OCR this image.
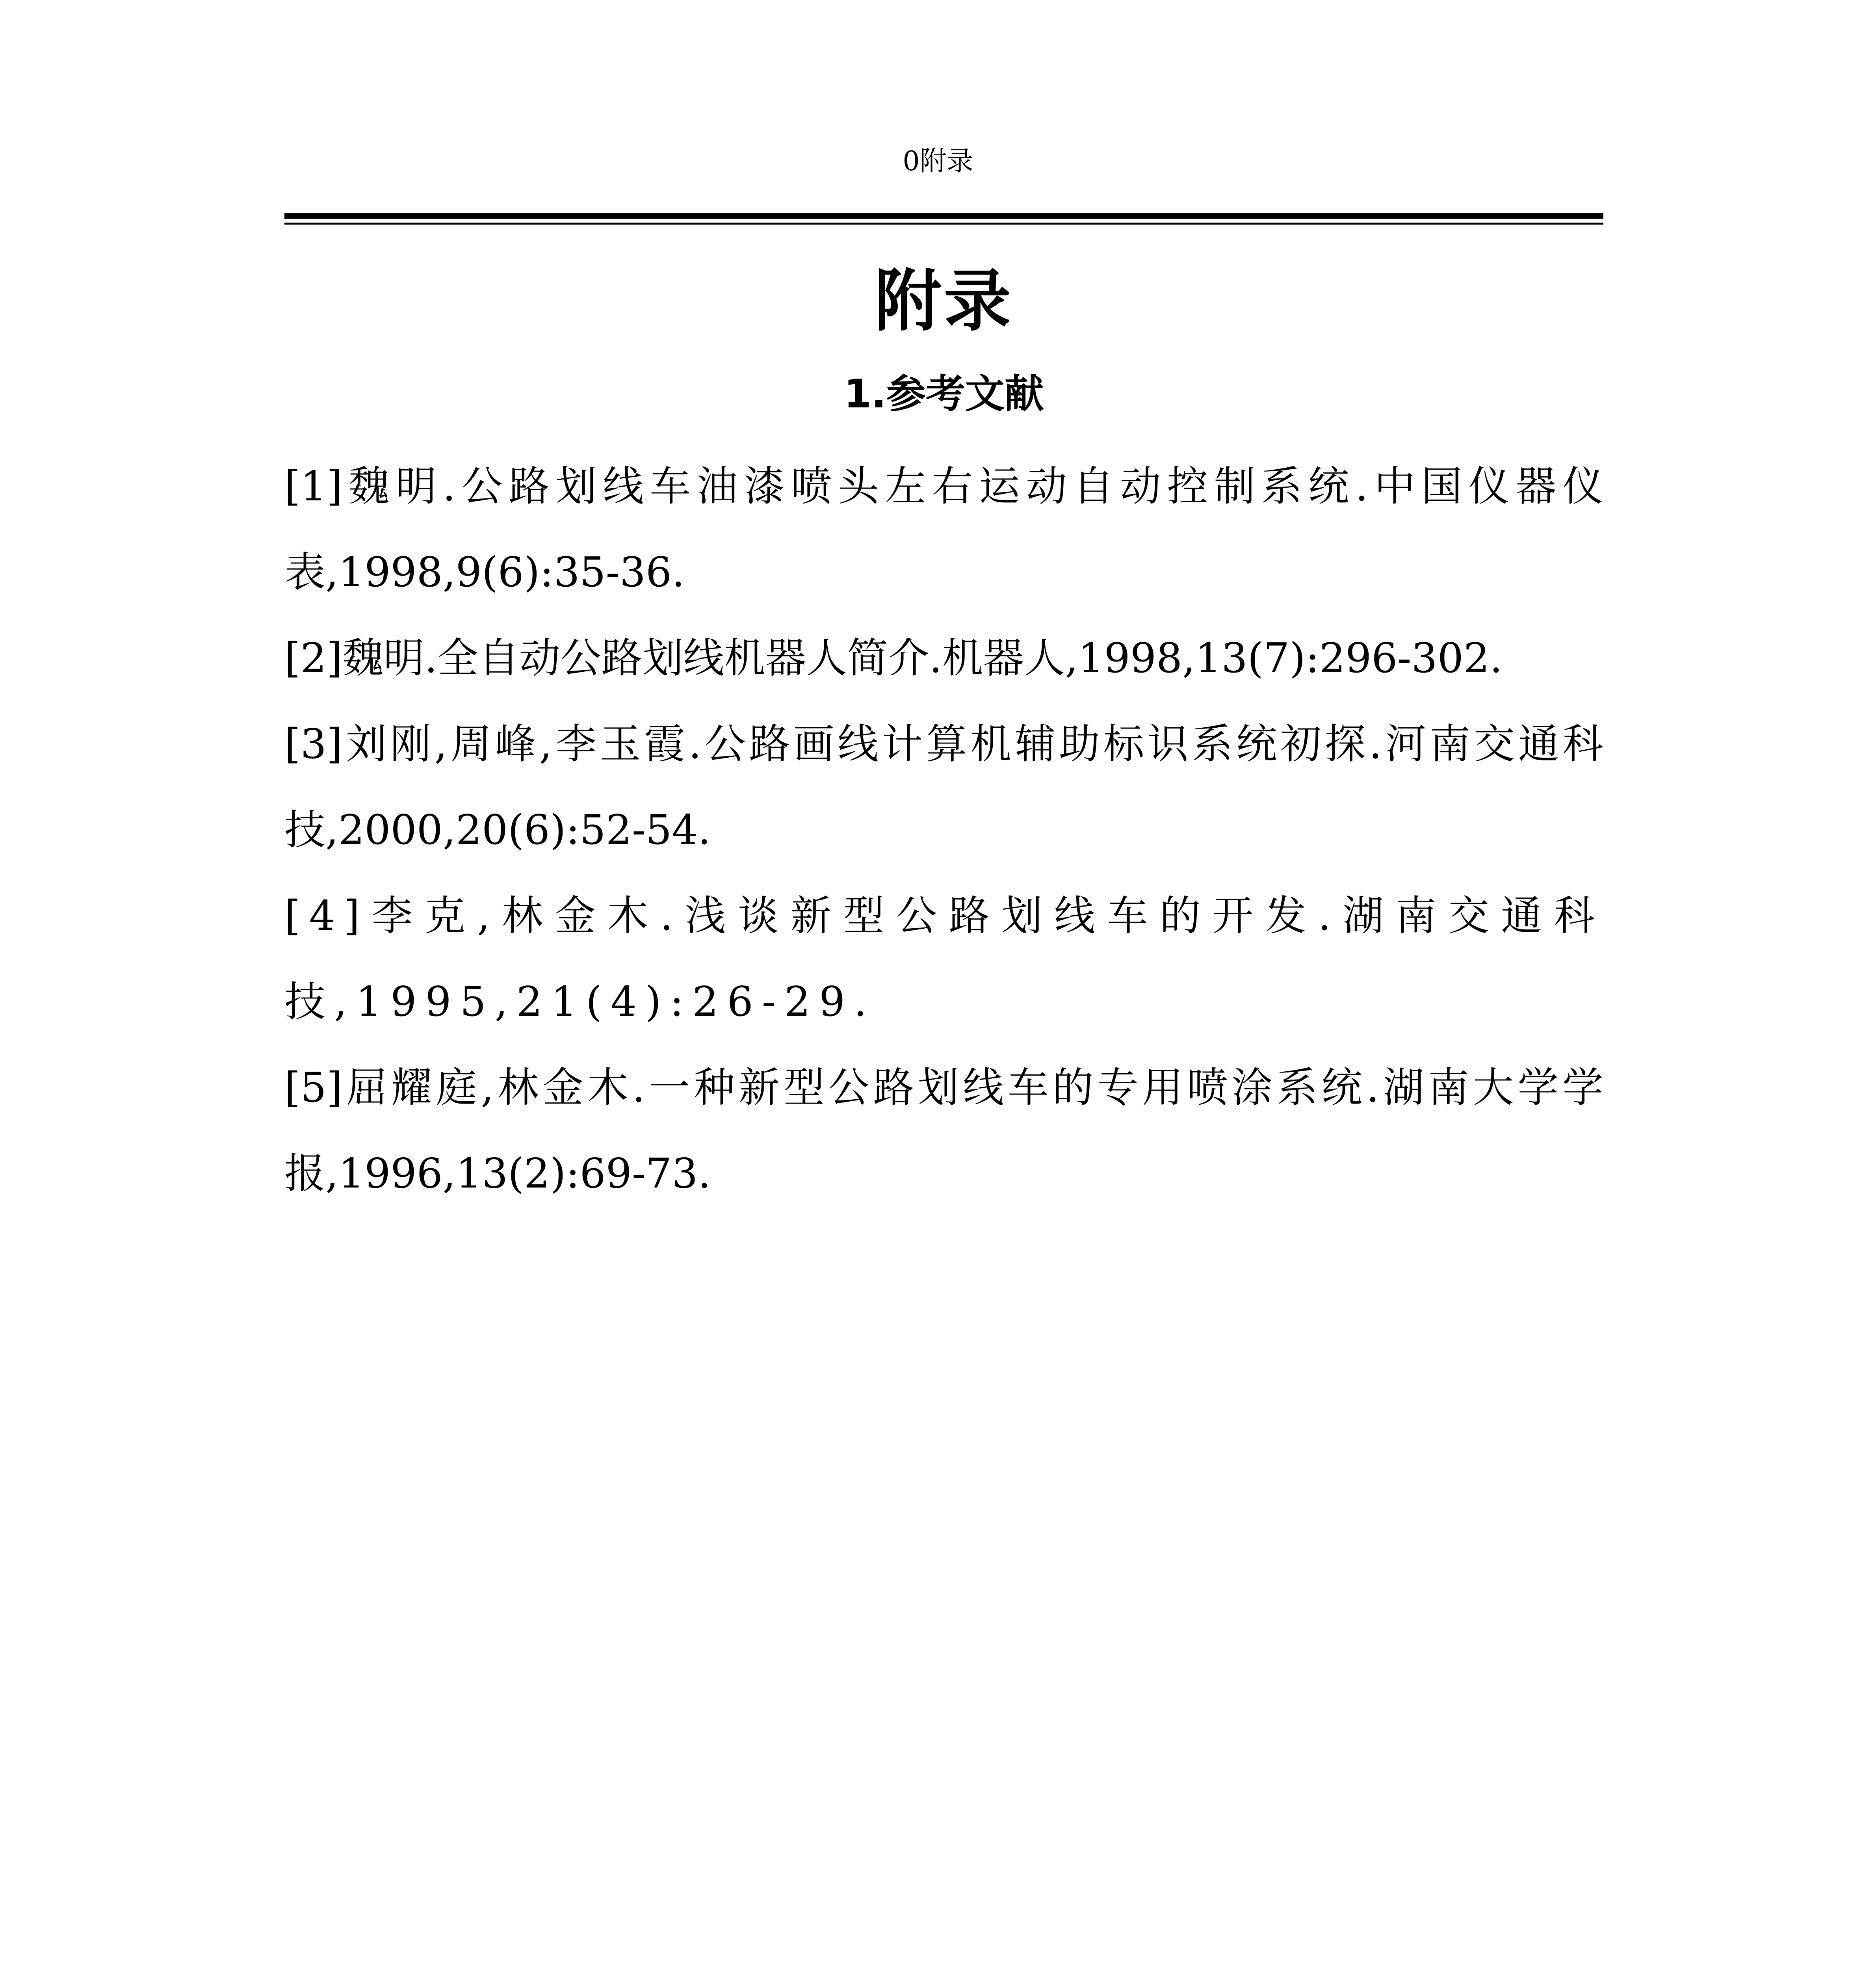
0附录
附录
1.参考文献
[1]魏明.公路划线车油漆喷头左右运动自动控制系统.中国仪器仪表,1998,9(6):35-36.
[2]魏明.全自动公路划线机器人简介.机器人,1998,13(7):296-302.
[3]刘刚,周峰,李玉霞.公路画线计算机辅助标识系统初探.河南交通科技,2000,20(6):52-54.
[4]李克,林金木.浅谈新型公路划线车的开发.湖南交通科技,1995,21(4):26-29.
[5]屈耀庭,林金木.一种新型公路划线车的专用喷涂系统.湖南大学学报,1996,13(2):69-73.
